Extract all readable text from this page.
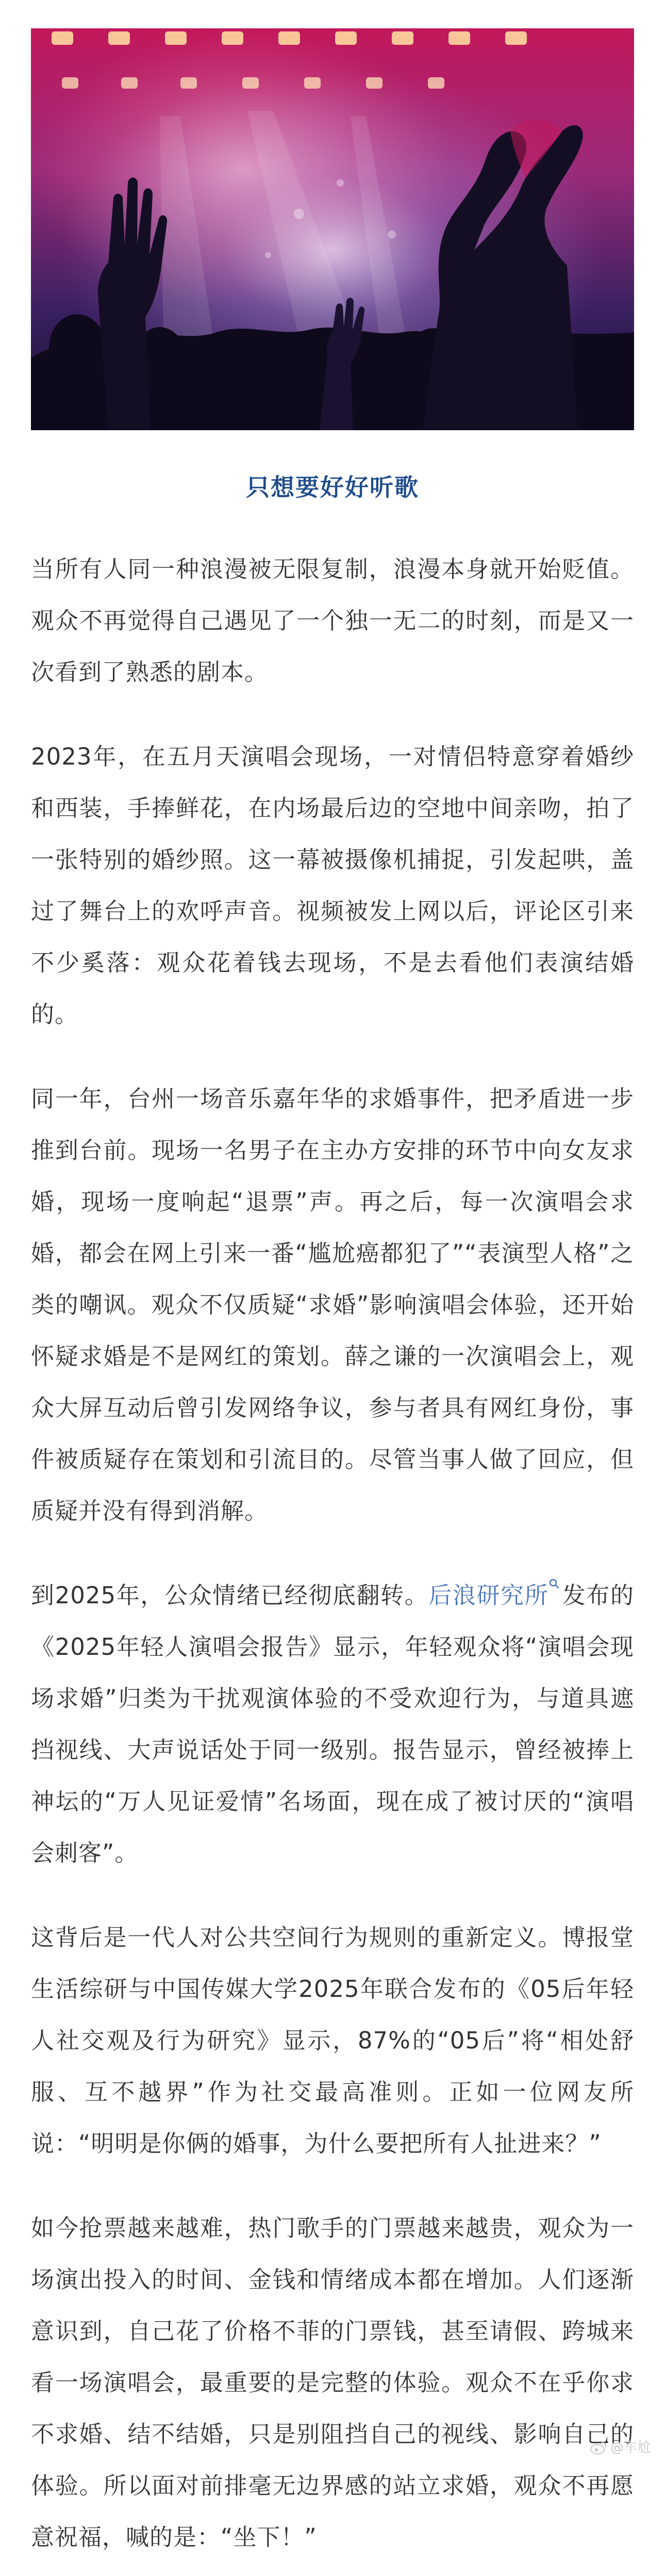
只想要好好听歌

当所有人同一种浪漫被无限复制，浪漫本身就开始贬值。观众不再觉得自己遇见了一个独一无二的时刻，而是又一次看到了熟悉的剧本。

2023年，在五月天演唱会现场，一对情侣特意穿着婚纱和西装，手捧鲜花，在内场最后边的空地中间亲吻，拍了一张特别的婚纱照。这一幕被摄像机捕捉，引发起哄，盖过了舞台上的欢呼声音。视频被发上网以后，评论区引来不少奚落：观众花着钱去现场，不是去看他们表演结婚的。

同一年，台州一场音乐嘉年华的求婚事件，把矛盾进一步推到台前。现场一名男子在主办方安排的环节中向女友求婚，现场一度响起“退票”声。再之后，每一次演唱会求婚，都会在网上引来一番“尴尬癌都犯了”“表演型人格”之类的嘲讽。观众不仅质疑“求婚”影响演唱会体验，还开始怀疑求婚是不是网红的策划。薛之谦的一次演唱会上，观众大屏互动后曾引发网络争议，参与者具有网红身份，事件被质疑存在策划和引流目的。尽管当事人做了回应，但质疑并没有得到消解。

到2025年，公众情绪已经彻底翻转。后浪研究所 发布的《2025年轻人演唱会报告》显示，年轻观众将“演唱会现场求婚”归类为干扰观演体验的不受欢迎行为，与道具遮挡视线、大声说话处于同一级别。报告显示，曾经被捧上神坛的“万人见证爱情”名场面，现在成了被讨厌的“演唱会刺客”。

这背后是一代人对公共空间行为规则的重新定义。博报堂生活综研与中国传媒大学2025年联合发布的《05后年轻人社交观及行为研究》显示，87%的“05后”将“相处舒服、互不越界”作为社交最高准则。正如一位网友所说：“明明是你俩的婚事，为什么要把所有人扯进来？”

如今抢票越来越难，热门歌手的门票越来越贵，观众为一场演出投入的时间、金钱和情绪成本都在增加。人们逐渐意识到，自己花了价格不菲的门票钱，甚至请假、跨城来看一场演唱会，最重要的是完整的体验。观众不在乎你求不求婚、结不结婚，只是别阻挡自己的视线、影响自己的体验。所以面对前排毫无边界感的站立求婚，观众不再愿意祝福，喊的是：“坐下！”

@车尬
